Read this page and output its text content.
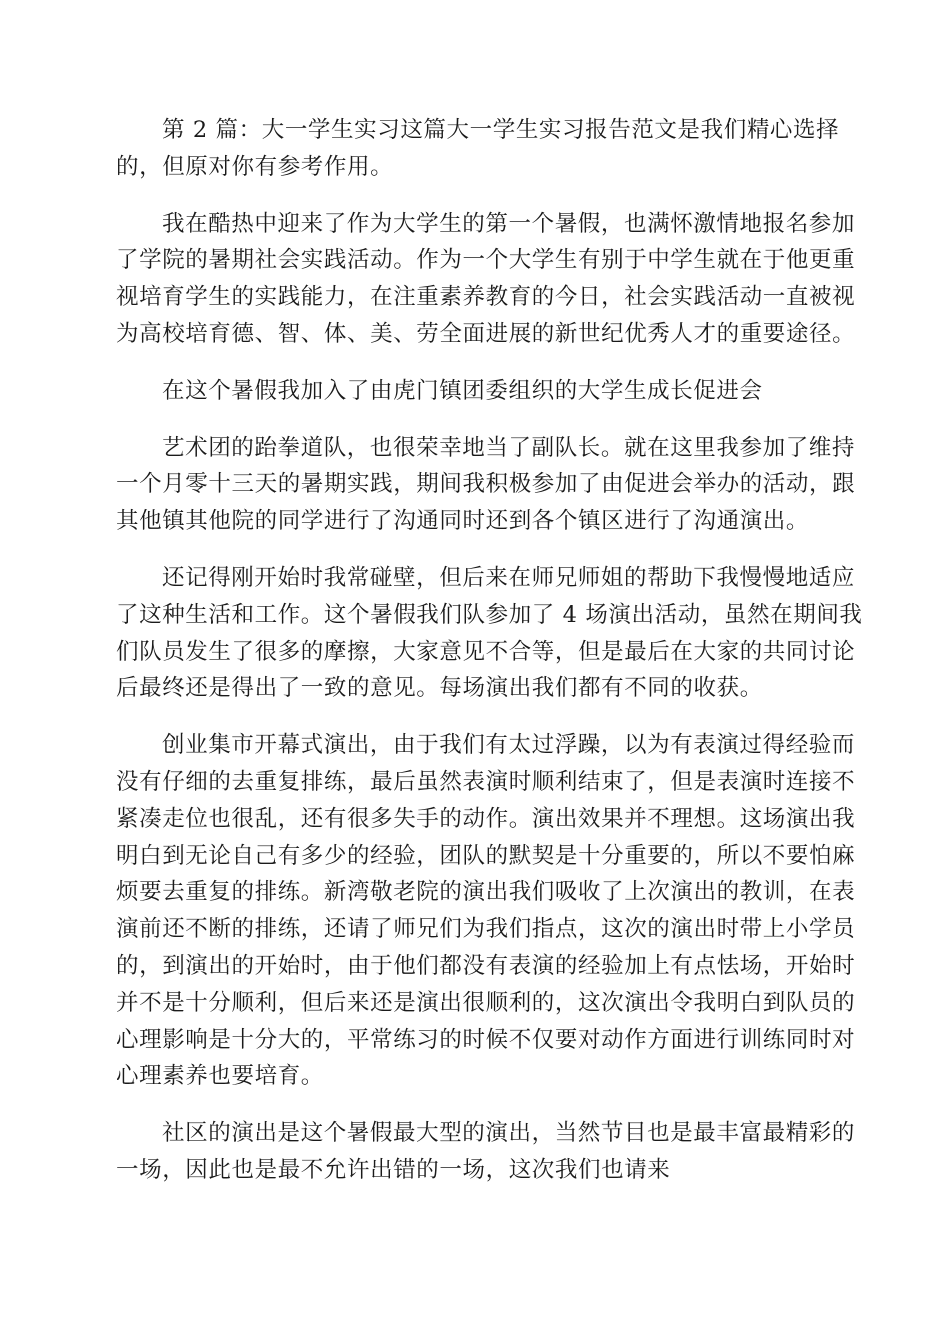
第 2 篇：大一学生实习这篇大一学生实习报告范文是我们精心选择
的，但原对你有参考作用。
我在酷热中迎来了作为大学生的第一个暑假，也满怀激情地报名参加
了学院的暑期社会实践活动。作为一个大学生有别于中学生就在于他更重
视培育学生的实践能力，在注重素养教育的今日，社会实践活动一直被视
为高校培育德、智、体、美、劳全面进展的新世纪优秀人才的重要途径。
在这个暑假我加入了由虎门镇团委组织的大学生成长促进会
艺术团的跆拳道队，也很荣幸地当了副队长。就在这里我参加了维持
一个月零十三天的暑期实践，期间我积极参加了由促进会举办的活动，跟
其他镇其他院的同学进行了沟通同时还到各个镇区进行了沟通演出。
还记得刚开始时我常碰壁，但后来在师兄师姐的帮助下我慢慢地适应
了这种生活和工作。这个暑假我们队参加了 4 场演出活动，虽然在期间我
们队员发生了很多的摩擦，大家意见不合等，但是最后在大家的共同讨论
后最终还是得出了一致的意见。每场演出我们都有不同的收获。
创业集市开幕式演出，由于我们有太过浮躁，以为有表演过得经验而
没有仔细的去重复排练，最后虽然表演时顺利结束了，但是表演时连接不
紧凑走位也很乱，还有很多失手的动作。演出效果并不理想。这场演出我
明白到无论自己有多少的经验，团队的默契是十分重要的，所以不要怕麻
烦要去重复的排练。新湾敬老院的演出我们吸收了上次演出的教训，在表
演前还不断的排练，还请了师兄们为我们指点，这次的演出时带上小学员
的，到演出的开始时，由于他们都没有表演的经验加上有点怯场，开始时
并不是十分顺利，但后来还是演出很顺利的，这次演出令我明白到队员的
心理影响是十分大的，平常练习的时候不仅要对动作方面进行训练同时对
心理素养也要培育。
社区的演出是这个暑假最大型的演出，当然节目也是最丰富最精彩的
一场，因此也是最不允许出错的一场，这次我们也请来
